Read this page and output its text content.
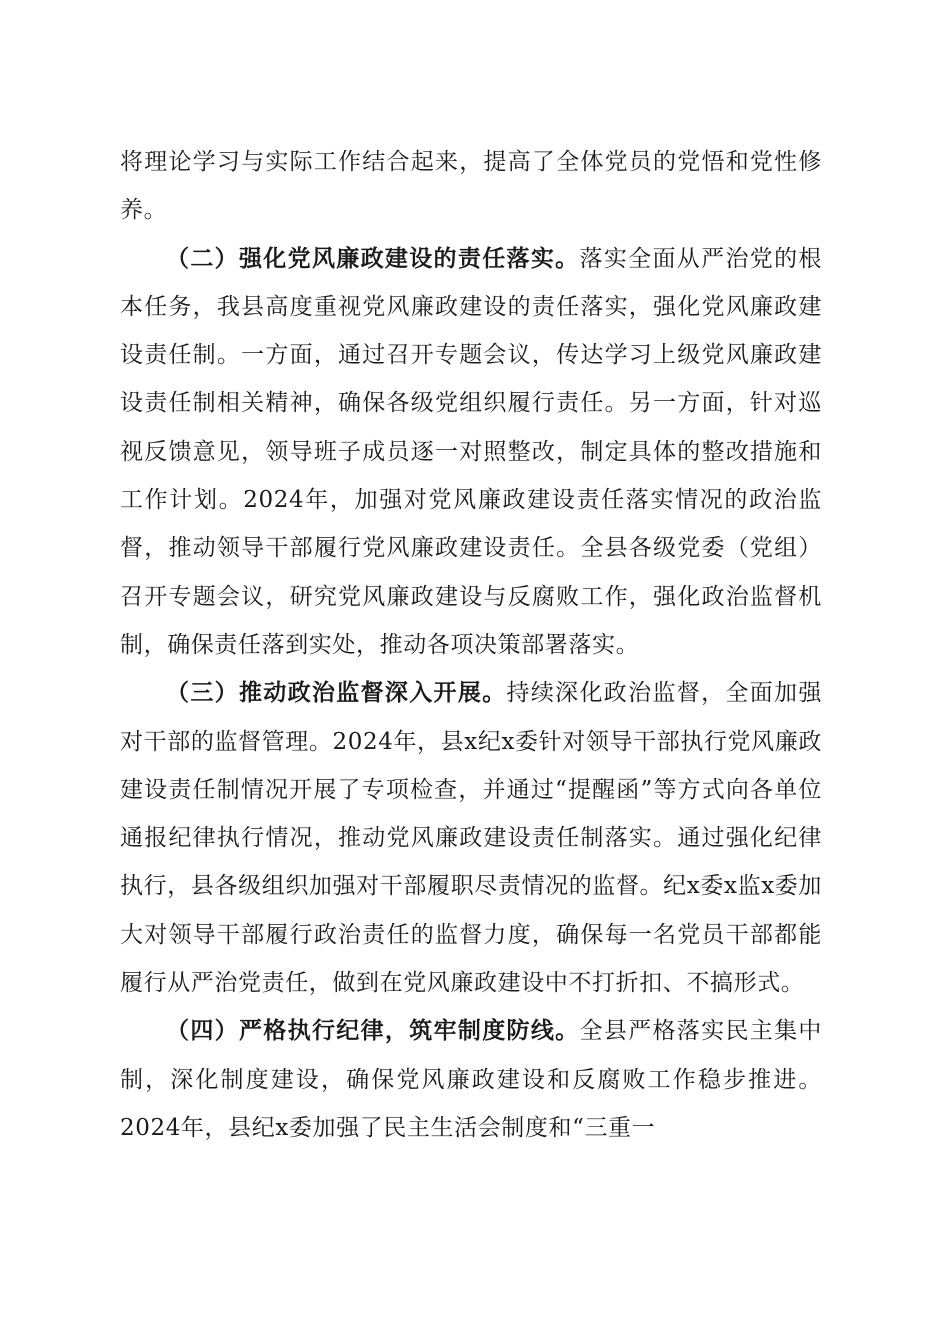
将理论学习与实际工作结合起来，提高了全体党员的党悟和党性修养。

（二）强化党风廉政建设的责任落实。落实全面从严治党的根本任务，我县高度重视党风廉政建设的责任落实，强化党风廉政建设责任制。一方面，通过召开专题会议，传达学习上级党风廉政建设责任制相关精神，确保各级党组织履行责任。另一方面，针对巡视反馈意见，领导班子成员逐一对照整改，制定具体的整改措施和工作计划。2024年，加强对党风廉政建设责任落实情况的政治监督，推动领导干部履行党风廉政建设责任。全县各级党委（党组）召开专题会议，研究党风廉政建设与反腐败工作，强化政治监督机制，确保责任落到实处，推动各项决策部署落实。

（三）推动政治监督深入开展。持续深化政治监督，全面加强对干部的监督管理。2024年，县x纪x委针对领导干部执行党风廉政建设责任制情况开展了专项检查，并通过“提醒函”等方式向各单位通报纪律执行情况，推动党风廉政建设责任制落实。通过强化纪律执行，县各级组织加强对干部履职尽责情况的监督。纪x委x监x委加大对领导干部履行政治责任的监督力度，确保每一名党员干部都能履行从严治党责任，做到在党风廉政建设中不打折扣、不搞形式。

（四）严格执行纪律，筑牢制度防线。全县严格落实民主集中制，深化制度建设，确保党风廉政建设和反腐败工作稳步推进。2024年，县纪x委加强了民主生活会制度和“三重一
